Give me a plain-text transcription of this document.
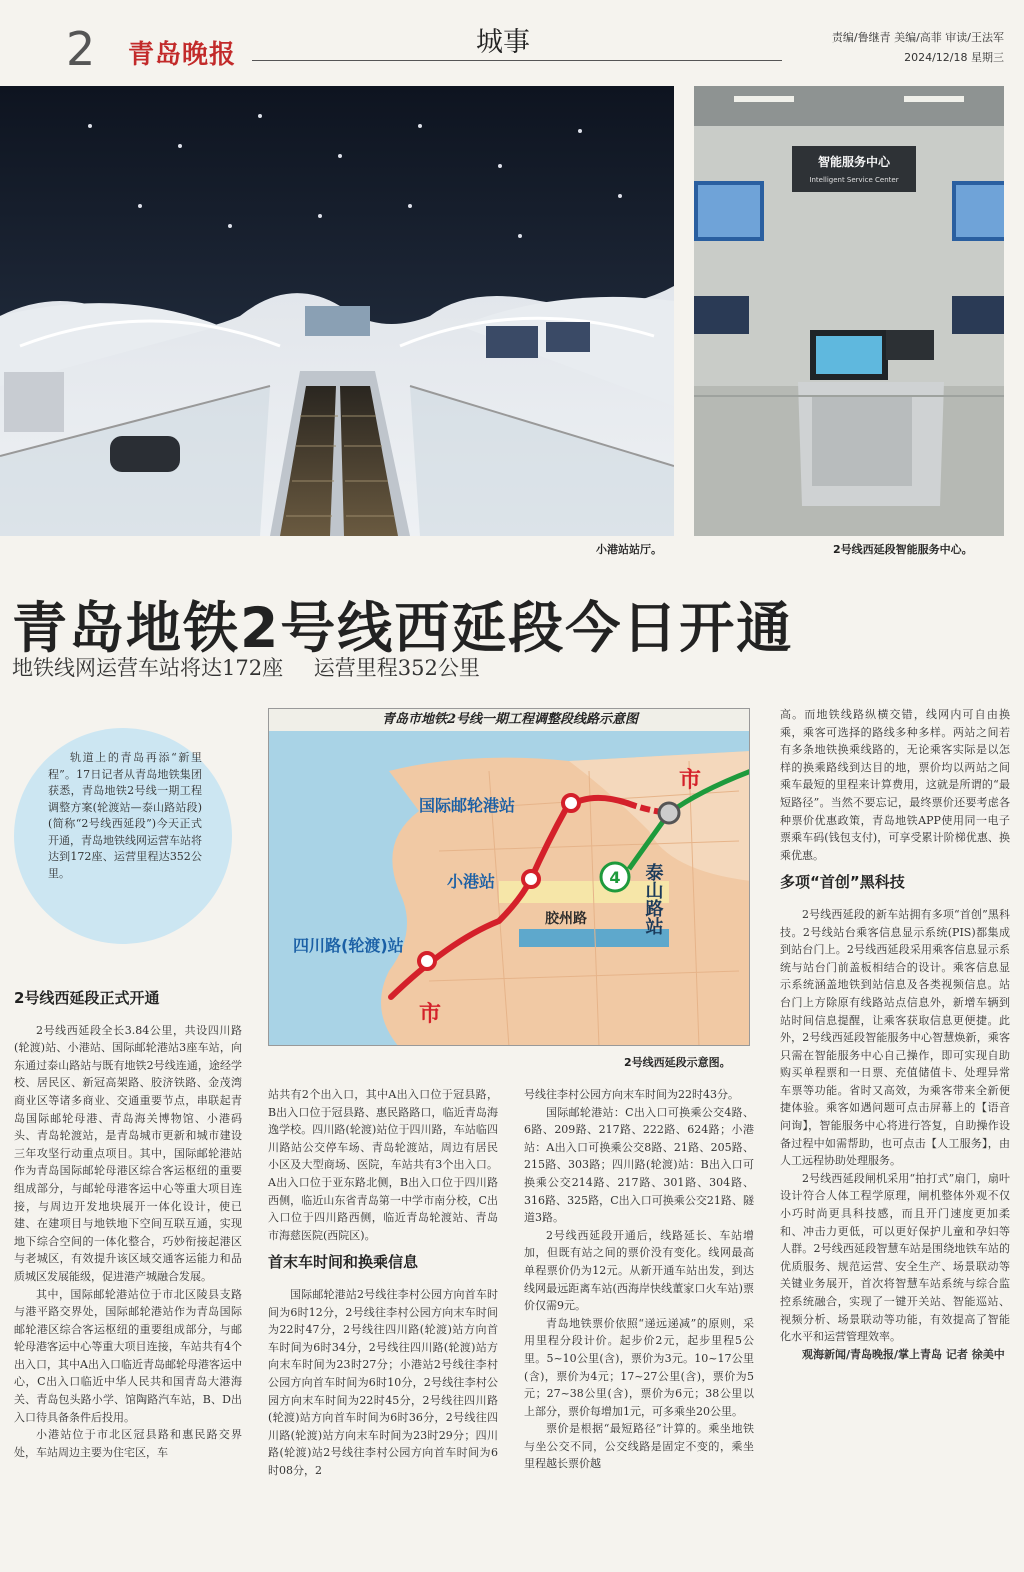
2 青岛晚报	城事	责编/鲁继青 美编/高菲 审读/王法军
2024/12/18 星期三
小港站站厅。
智能服务中心
Intelligent Service Center
2号线西延段智能服务中心。
青岛地铁2号线西延段今日开通
地铁线网运营车站将达172座 运营里程352公里

轨道上的青岛再添“新里程”。17日记者从青岛地铁集团获悉，青岛地铁2号线一期工程调整方案(轮渡站—泰山路站段)(简称“2号线西延段”)今天正式开通，青岛地铁线网运营车站将达到172座、运营里程达352公里。

2号线西延段正式开通

2号线西延段全长3.84公里，共设四川路(轮渡)站、小港站、国际邮轮港站3座车站，向东通过泰山路站与既有地铁2号线连通，途经学校、居民区、新冠高架路、胶济铁路、金茂湾商业区等诸多商业、交通重要节点，串联起青岛国际邮轮母港、青岛海关博物馆、小港码头、青岛轮渡站，是青岛城市更新和城市建设三年攻坚行动重点项目。其中，国际邮轮港站作为青岛国际邮轮母港区综合客运枢纽的重要组成部分，与邮轮母港客运中心等重大项目连接，与周边开发地块展开一体化设计，使已建、在建项目与地铁地下空间互联互通，实现地下综合空间的一体化整合，巧妙衔接起港区与老城区，有效提升该区域交通客运能力和品质城区发展能级，促进港产城融合发展。

其中，国际邮轮港站位于市北区陵县支路与港平路交界处，国际邮轮港站作为青岛国际邮轮港区综合客运枢纽的重要组成部分，与邮轮母港客运中心等重大项目连接，车站共有4个出入口，其中A出入口临近青岛邮轮母港客运中心，C出入口临近中华人民共和国青岛大港海关、青岛包头路小学、馆陶路汽车站，B、D出入口待具备条件后投用。

小港站位于市北区冠县路和惠民路交界处，车站周边主要为住宅区，车

青岛市地铁2号线一期工程调整段线路示意图
4
国际邮轮港站
小港站
四川路(轮渡)站
泰山路站
市
市
胶州路
2号线西延段示意图。

站共有2个出入口，其中A出入口位于冠县路，B出入口位于冠县路、惠民路路口，临近青岛海逸学校。四川路(轮渡)站位于四川路，车站临四川路站公交停车场、青岛轮渡站，周边有居民小区及大型商场、医院，车站共有3个出入口。A出入口位于亚东路北侧，B出入口位于四川路西侧，临近山东省青岛第一中学市南分校，C出入口位于四川路西侧，临近青岛轮渡站、青岛市海慈医院(西院区)。

首末车时间和换乘信息

国际邮轮港站2号线往李村公园方向首车时间为6时12分，2号线往李村公园方向末车时间为22时47分，2号线往四川路(轮渡)站方向首车时间为6时34分，2号线往四川路(轮渡)站方向末车时间为23时27分；小港站2号线往李村公园方向首车时间为6时10分，2号线往李村公园方向末车时间为22时45分，2号线往四川路(轮渡)站方向首车时间为6时36分，2号线往四川路(轮渡)站方向末车时间为23时29分；四川路(轮渡)站2号线往李村公园方向首车时间为6时08分，2

号线往李村公园方向末车时间为22时43分。

国际邮轮港站：C出入口可换乘公交4路、6路、209路、217路、222路、624路；小港站：A出入口可换乘公交8路、21路、205路、215路、303路；四川路(轮渡)站：B出入口可换乘公交214路、217路、301路、304路、316路、325路，C出入口可换乘公交21路、隧道3路。

2号线西延段开通后，线路延长、车站增加，但既有站之间的票价没有变化。线网最高单程票价仍为12元。从新开通车站出发，到达线网最远距离车站(西海岸快线董家口火车站)票价仅需9元。

青岛地铁票价依照“递远递减”的原则，采用里程分段计价。起步价2元，起步里程5公里。5~10公里(含)，票价为3元。10~17公里(含)，票价为4元；17~27公里(含)，票价为5元；27~38公里(含)，票价为6元；38公里以上部分，票价每增加1元，可多乘坐20公里。

票价是根据“最短路径”计算的。乘坐地铁与坐公交不同，公交线路是固定不变的，乘坐里程越长票价越

高。而地铁线路纵横交错，线网内可自由换乘，乘客可选择的路线多种多样。两站之间若有多条地铁换乘线路的，无论乘客实际是以怎样的换乘路线到达目的地，票价均以两站之间乘车最短的里程来计算费用，这就是所谓的“最短路径”。当然不要忘记，最终票价还要考虑各种票价优惠政策，青岛地铁APP使用同一电子票乘车码(钱包支付)，可享受累计阶梯优惠、换乘优惠。

多项“首创”黑科技

2号线西延段的新车站拥有多项“首创”黑科技。2号线站台乘客信息显示系统(PIS)都集成到站台门上。2号线西延段采用乘客信息显示系统与站台门前盖板相结合的设计。乘客信息显示系统涵盖地铁到站信息及各类视频信息。站台门上方除原有线路站点信息外，新增车辆到站时间信息提醒，让乘客获取信息更便捷。此外，2号线西延段智能服务中心智慧焕新，乘客只需在智能服务中心自己操作，即可实现自助购买单程票和一日票、充值储值卡、处理异常车票等功能。省时又高效，为乘客带来全新便捷体验。乘客如遇问题可点击屏幕上的【语音问询】，智能服务中心将进行答复，自助操作设备过程中如需帮助，也可点击【人工服务】，由人工远程协助处理服务。

2号线西延段闸机采用“拍打式”扇门，扇叶设计符合人体工程学原理，闸机整体外观不仅小巧时尚更具科技感，而且开门速度更加柔和、冲击力更低，可以更好保护儿童和孕妇等人群。2号线西延段智慧车站是围绕地铁车站的优质服务、规范运营、安全生产、场景联动等关键业务展开，首次将智慧车站系统与综合监控系统融合，实现了一键开关站、智能巡站、视频分析、场景联动等功能，有效提高了智能化水平和运营管理效率。

观海新闻/青岛晚报/掌上青岛 记者 徐美中
